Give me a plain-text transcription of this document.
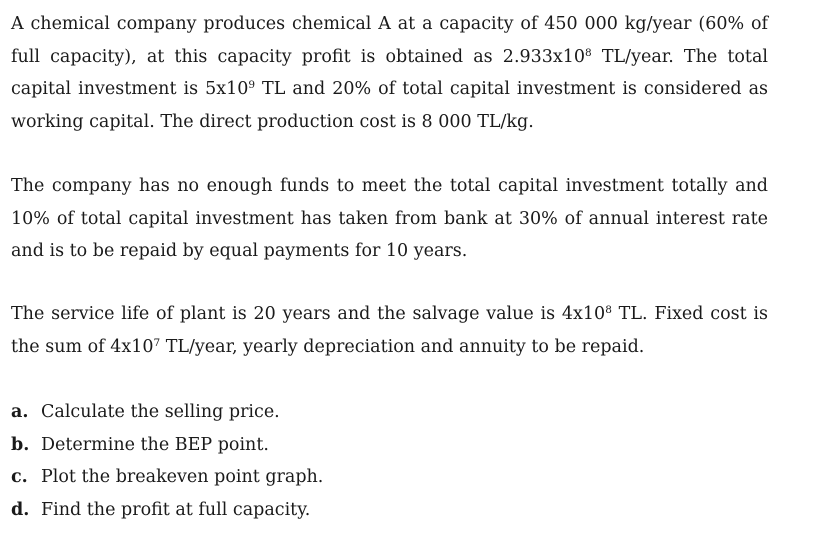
A chemical company produces chemical A at a capacity of 450 000 kg/year (60% of
full capacity), at this capacity profit is obtained as $2.933x10^8$ TL/year. The total
capital investment is $5x10^9$ TL and 20% of total capital investment is considered as
working capital. The direct production cost is 8 000 TL/kg.

The company has no enough funds to meet the total capital investment totally and
10% of total capital investment has taken from bank at 30% of annual interest rate
and is to be repaid by equal payments for 10 years.

The service life of plant is 20 years and the salvage value is $4x10^8$ TL. Fixed cost is
the sum of $4x10^7$ TL/year, yearly depreciation and annuity to be repaid.

a. Calculate the selling price.
b. Determine the BEP point.
c. Plot the breakeven point graph.
d. Find the profit at full capacity.
